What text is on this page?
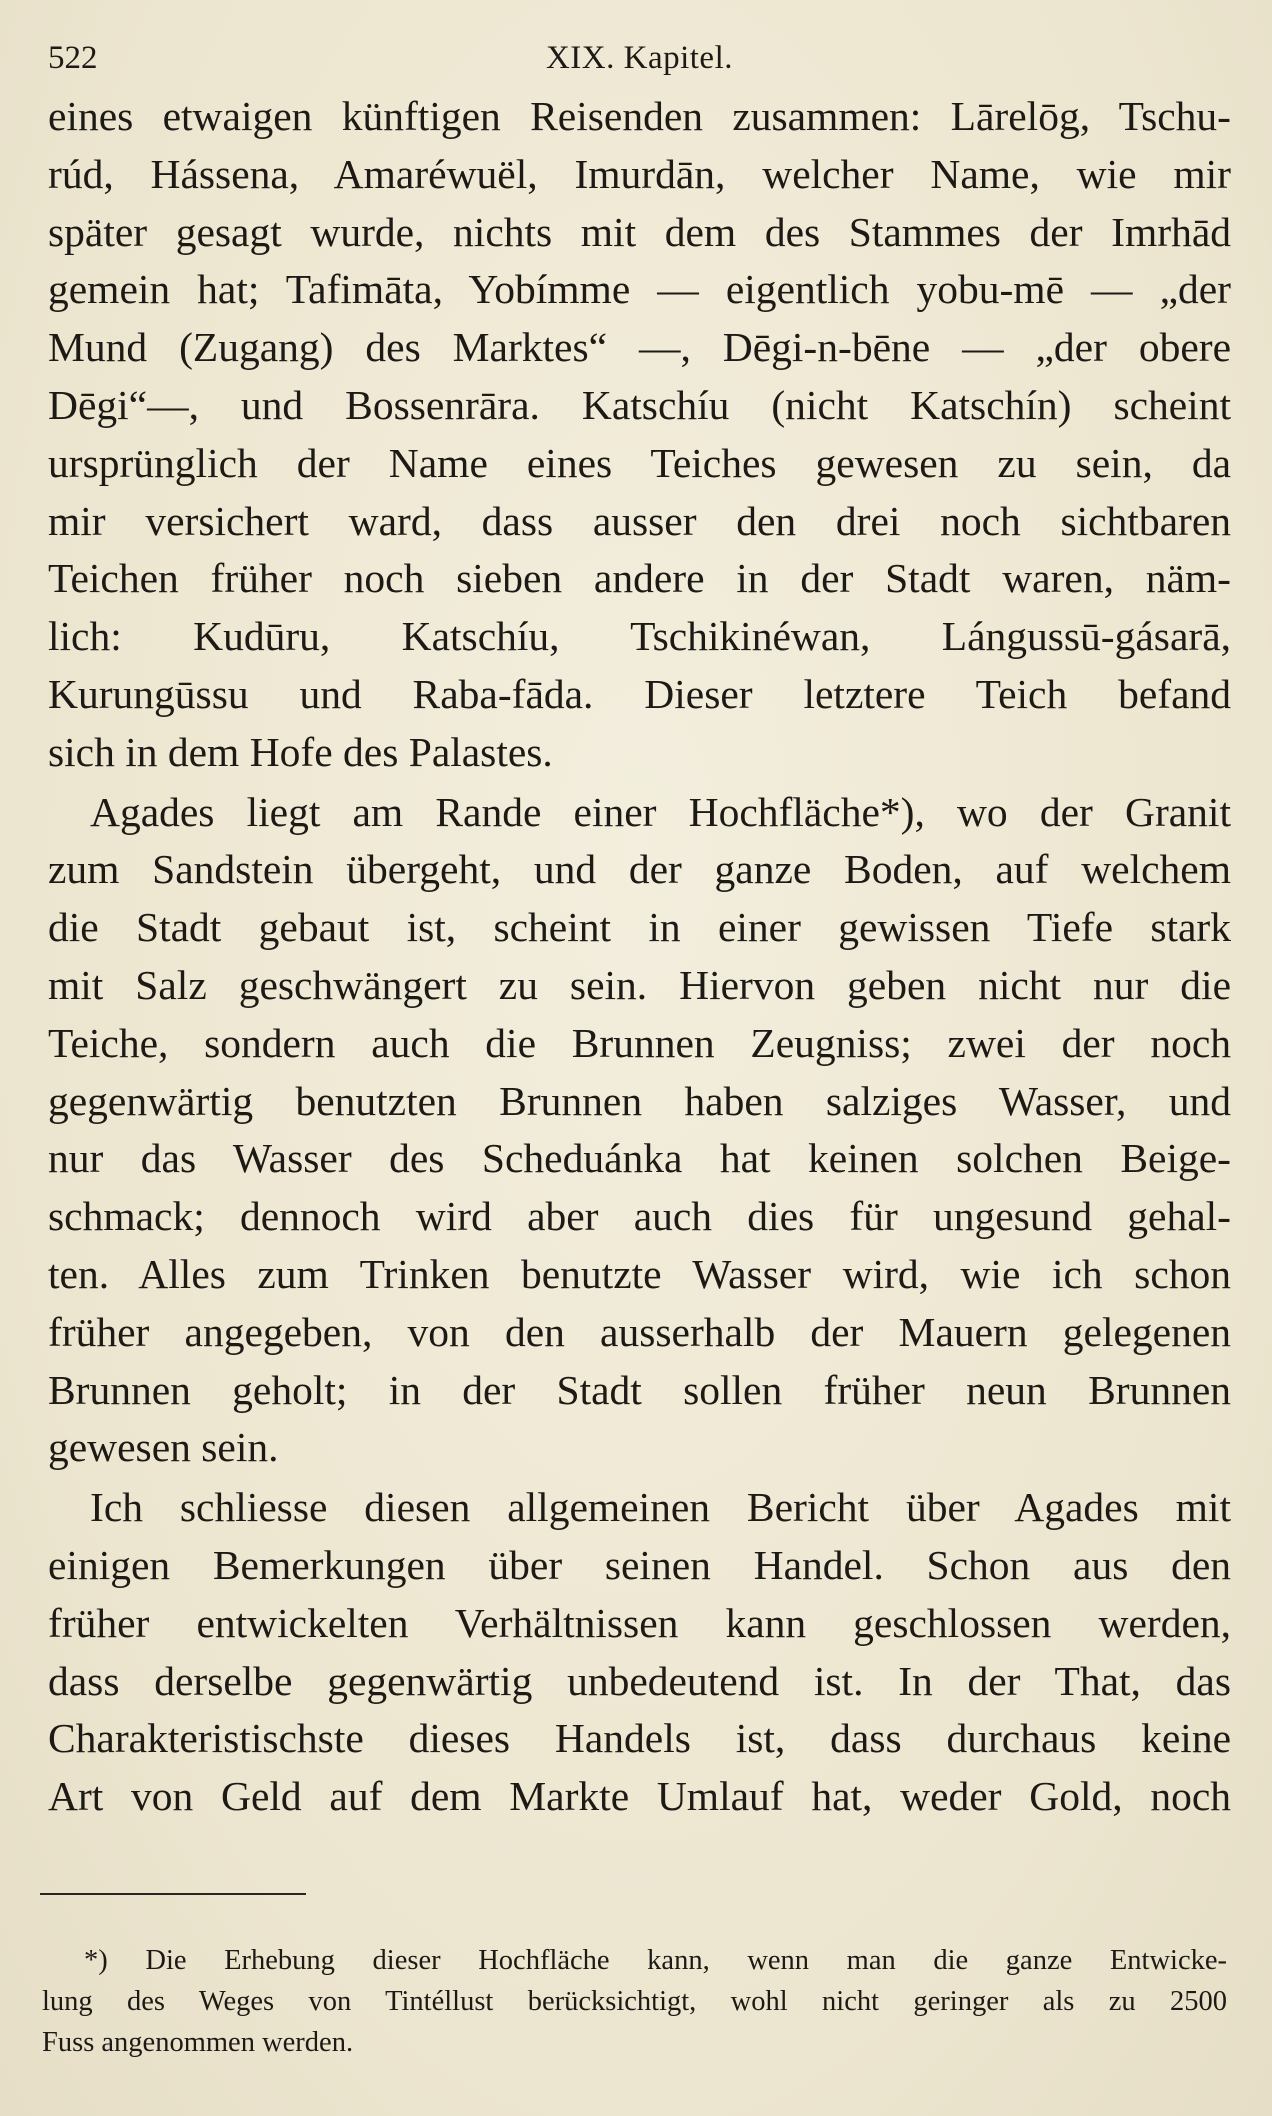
522	XIX. Kapitel.
eines etwaigen künftigen Reisenden zusammen: Lārelōg, Tschu-
rúd, Hássena, Amaréwuël, Imurdān, welcher Name, wie mir
später gesagt wurde, nichts mit dem des Stammes der Imrhād
gemein hat; Tafimāta, Yobímme — eigentlich yobu-mē — „der
Mund (Zugang) des Marktes“ —, Dēgi-n-bēne — „der obere
Dēgi“—, und Bossenrāra. Katschíu (nicht Katschín) scheint
ursprünglich der Name eines Teiches gewesen zu sein, da
mir versichert ward, dass ausser den drei noch sichtbaren
Teichen früher noch sieben andere in der Stadt waren, näm-
lich: Kudūru, Katschíu, Tschikinéwan, Lángussū-gásarā,
Kurungūssu und Raba-fāda. Dieser letztere Teich befand
sich in dem Hofe des Palastes.
Agades liegt am Rande einer Hochfläche*), wo der Granit
zum Sandstein übergeht, und der ganze Boden, auf welchem
die Stadt gebaut ist, scheint in einer gewissen Tiefe stark
mit Salz geschwängert zu sein. Hiervon geben nicht nur die
Teiche, sondern auch die Brunnen Zeugniss; zwei der noch
gegenwärtig benutzten Brunnen haben salziges Wasser, und
nur das Wasser des Scheduánka hat keinen solchen Beige-
schmack; dennoch wird aber auch dies für ungesund gehal-
ten. Alles zum Trinken benutzte Wasser wird, wie ich schon
früher angegeben, von den ausserhalb der Mauern gelegenen
Brunnen geholt; in der Stadt sollen früher neun Brunnen
gewesen sein.
Ich schliesse diesen allgemeinen Bericht über Agades mit
einigen Bemerkungen über seinen Handel. Schon aus den
früher entwickelten Verhältnissen kann geschlossen werden,
dass derselbe gegenwärtig unbedeutend ist. In der That, das
Charakteristischste dieses Handels ist, dass durchaus keine
Art von Geld auf dem Markte Umlauf hat, weder Gold, noch
*) Die Erhebung dieser Hochfläche kann, wenn man die ganze Entwicke-
lung des Weges von Tintéllust berücksichtigt, wohl nicht geringer als zu 2500
Fuss angenommen werden.
